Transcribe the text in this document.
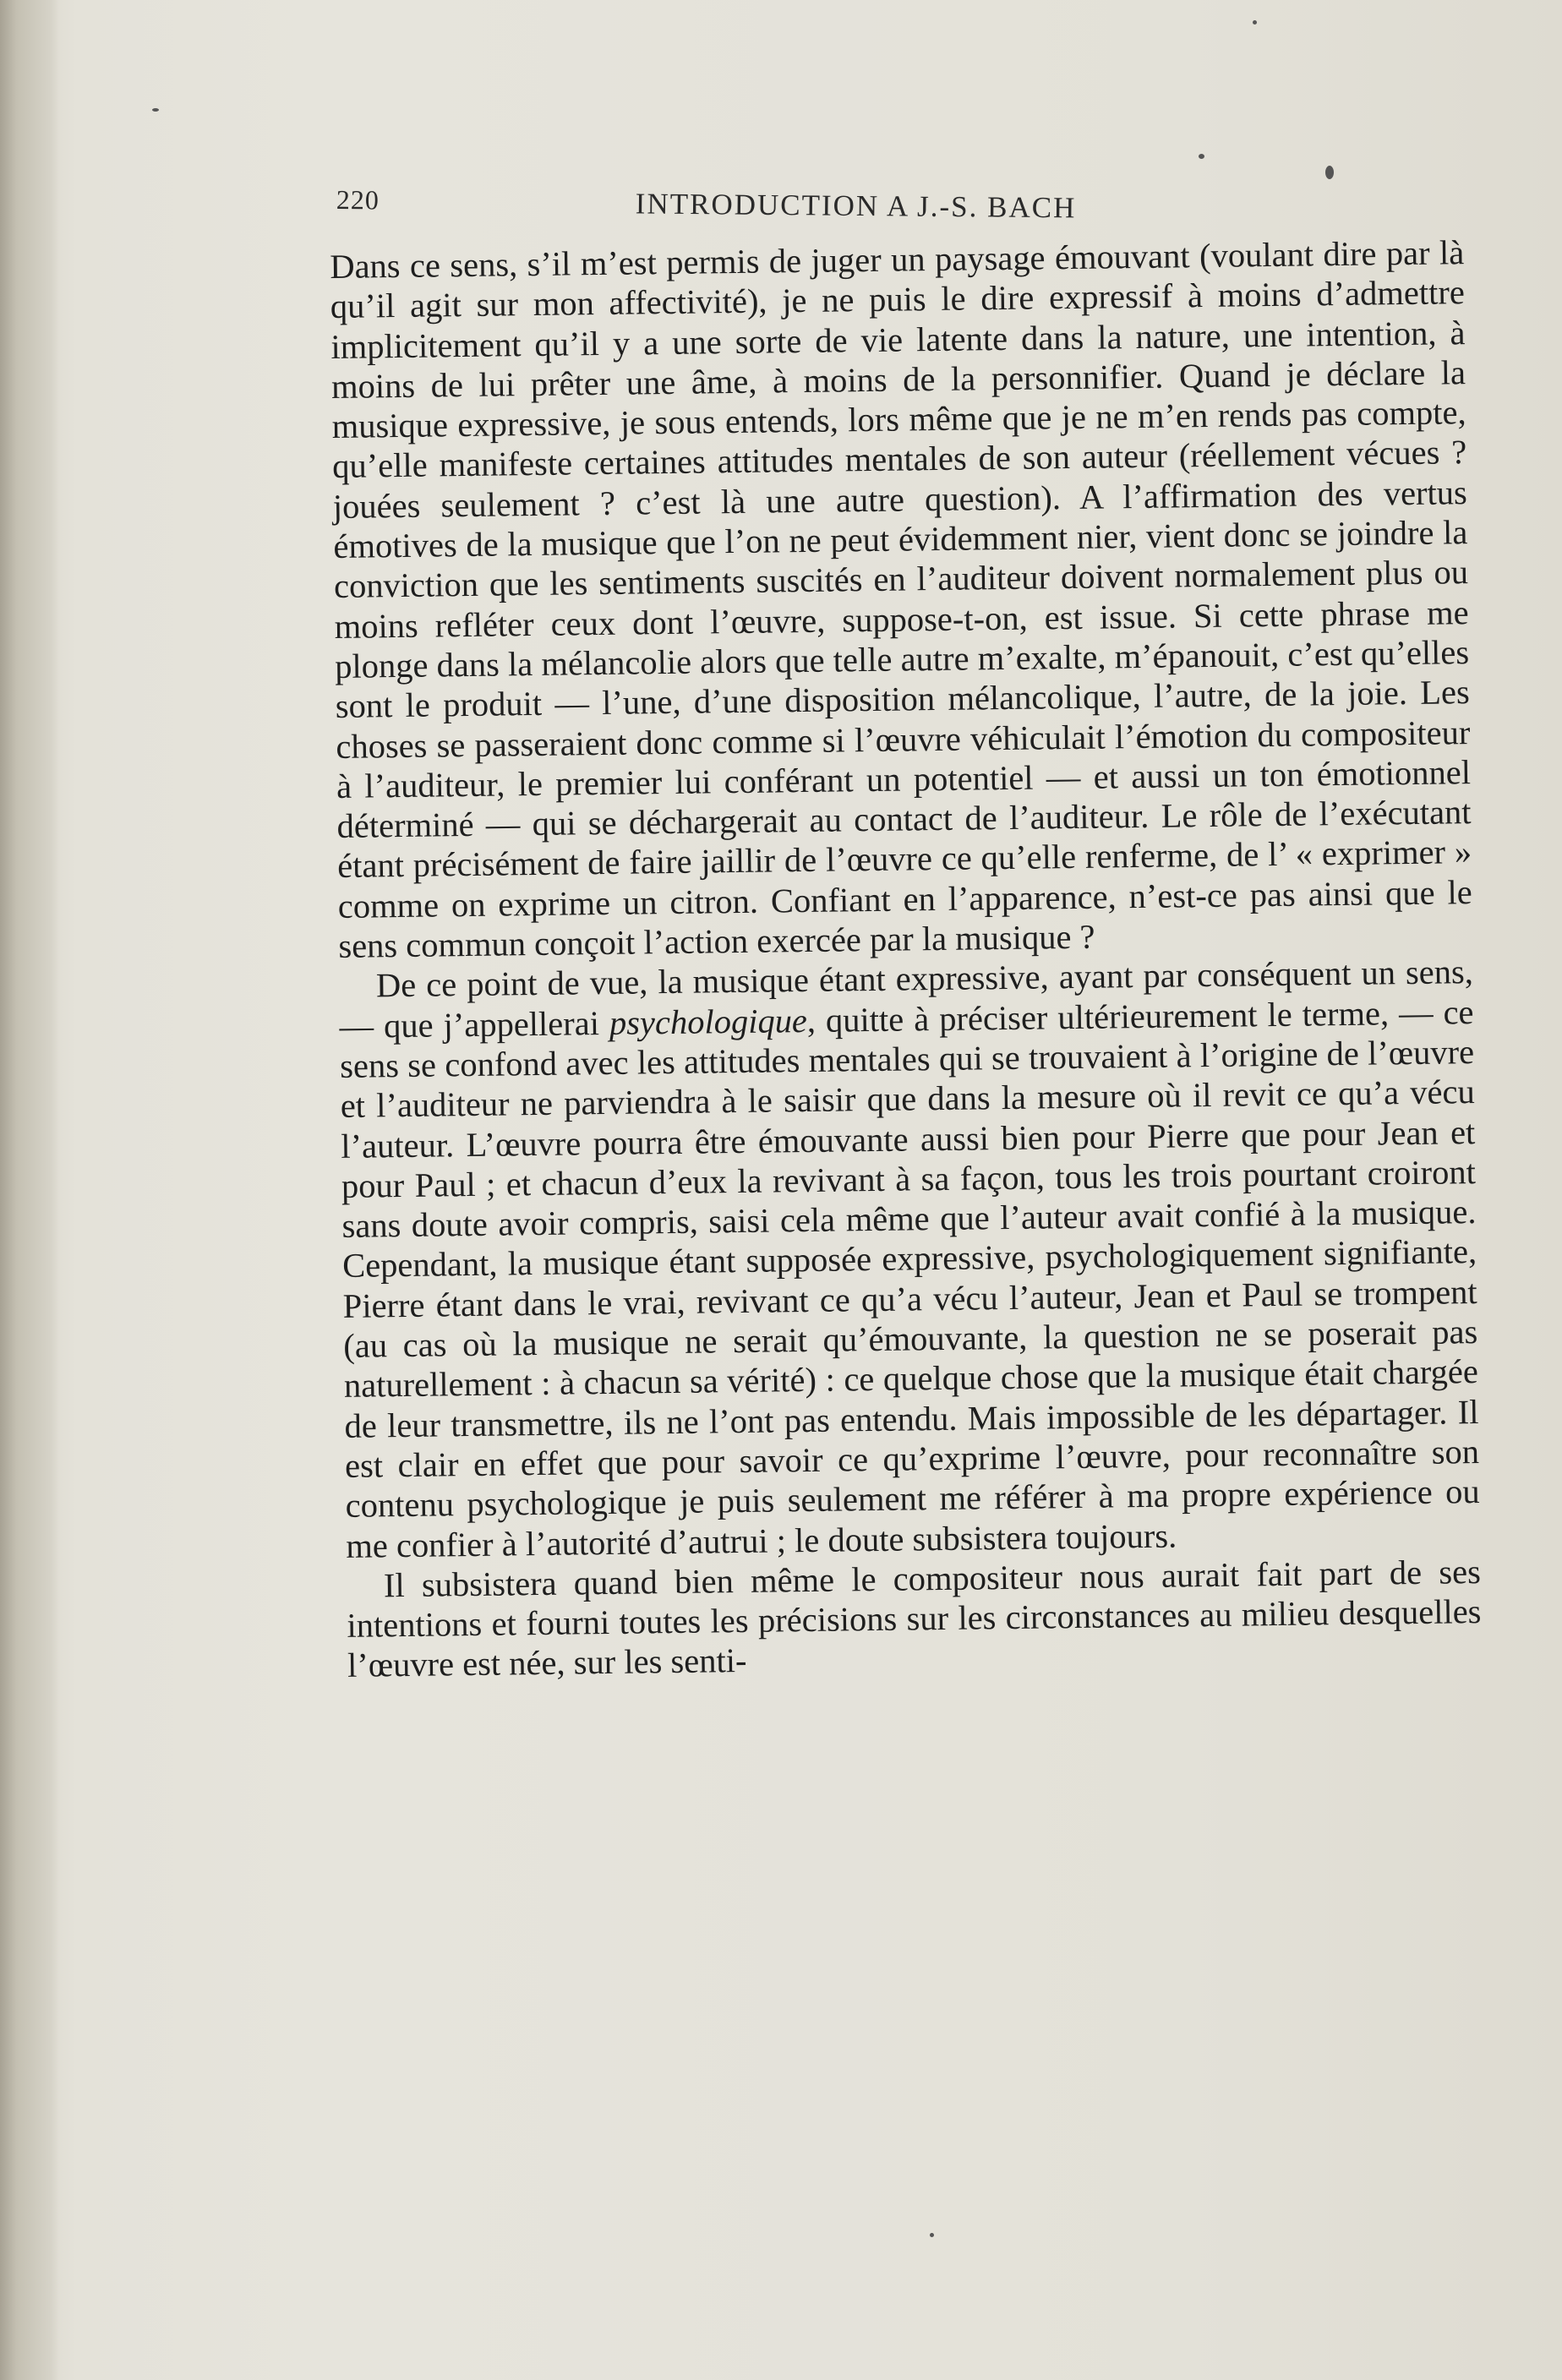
220	INTRODUCTION A J.-S. BACH

Dans ce sens, s’il m’est permis de juger un paysage émouvant (voulant dire par là qu’il agit sur mon affectivité), je ne puis le dire expressif à moins d’admettre implicitement qu’il y a une sorte de vie latente dans la nature, une intention, à moins de lui prêter une âme, à moins de la personnifier. Quand je déclare la musique expressive, je sous entends, lors même que je ne m’en rends pas compte, qu’elle manifeste certaines attitudes mentales de son auteur (réellement vécues ? jouées seulement ? c’est là une autre question). A l’affirmation des vertus émotives de la musique que l’on ne peut évidemment nier, vient donc se joindre la conviction que les sentiments suscités en l’auditeur doivent normalement plus ou moins refléter ceux dont l’œuvre, suppose-t-on, est issue. Si cette phrase me plonge dans la mélancolie alors que telle autre m’exalte, m’épanouit, c’est qu’elles sont le produit — l’une, d’une disposition mélancolique, l’autre, de la joie. Les choses se passeraient donc comme si l’œuvre véhiculait l’émotion du compositeur à l’auditeur, le premier lui conférant un potentiel — et aussi un ton émotionnel déterminé — qui se déchargerait au contact de l’auditeur. Le rôle de l’exécutant étant précisément de faire jaillir de l’œuvre ce qu’elle renferme, de l’ « exprimer » comme on exprime un citron. Confiant en l’apparence, n’est-ce pas ainsi que le sens commun conçoit l’action exercée par la musique ?

De ce point de vue, la musique étant expressive, ayant par conséquent un sens, — que j’appellerai psychologique, quitte à préciser ultérieurement le terme, — ce sens se confond avec les attitudes mentales qui se trouvaient à l’origine de l’œuvre et l’auditeur ne parviendra à le saisir que dans la mesure où il revit ce qu’a vécu l’auteur. L’œuvre pourra être émouvante aussi bien pour Pierre que pour Jean et pour Paul ; et chacun d’eux la revivant à sa façon, tous les trois pourtant croiront sans doute avoir compris, saisi cela même que l’auteur avait confié à la musique. Cependant, la musique étant supposée expressive, psychologiquement signifiante, Pierre étant dans le vrai, revivant ce qu’a vécu l’auteur, Jean et Paul se trompent (au cas où la musique ne serait qu’émouvante, la question ne se poserait pas naturellement : à chacun sa vérité) : ce quelque chose que la musique était chargée de leur transmettre, ils ne l’ont pas entendu. Mais impossible de les départager. Il est clair en effet que pour savoir ce qu’exprime l’œuvre, pour reconnaître son contenu psychologique je puis seulement me référer à ma propre expérience ou me confier à l’autorité d’autrui ; le doute subsistera toujours.

Il subsistera quand bien même le compositeur nous aurait fait part de ses intentions et fourni toutes les précisions sur les circonstances au milieu desquelles l’œuvre est née, sur les senti-
